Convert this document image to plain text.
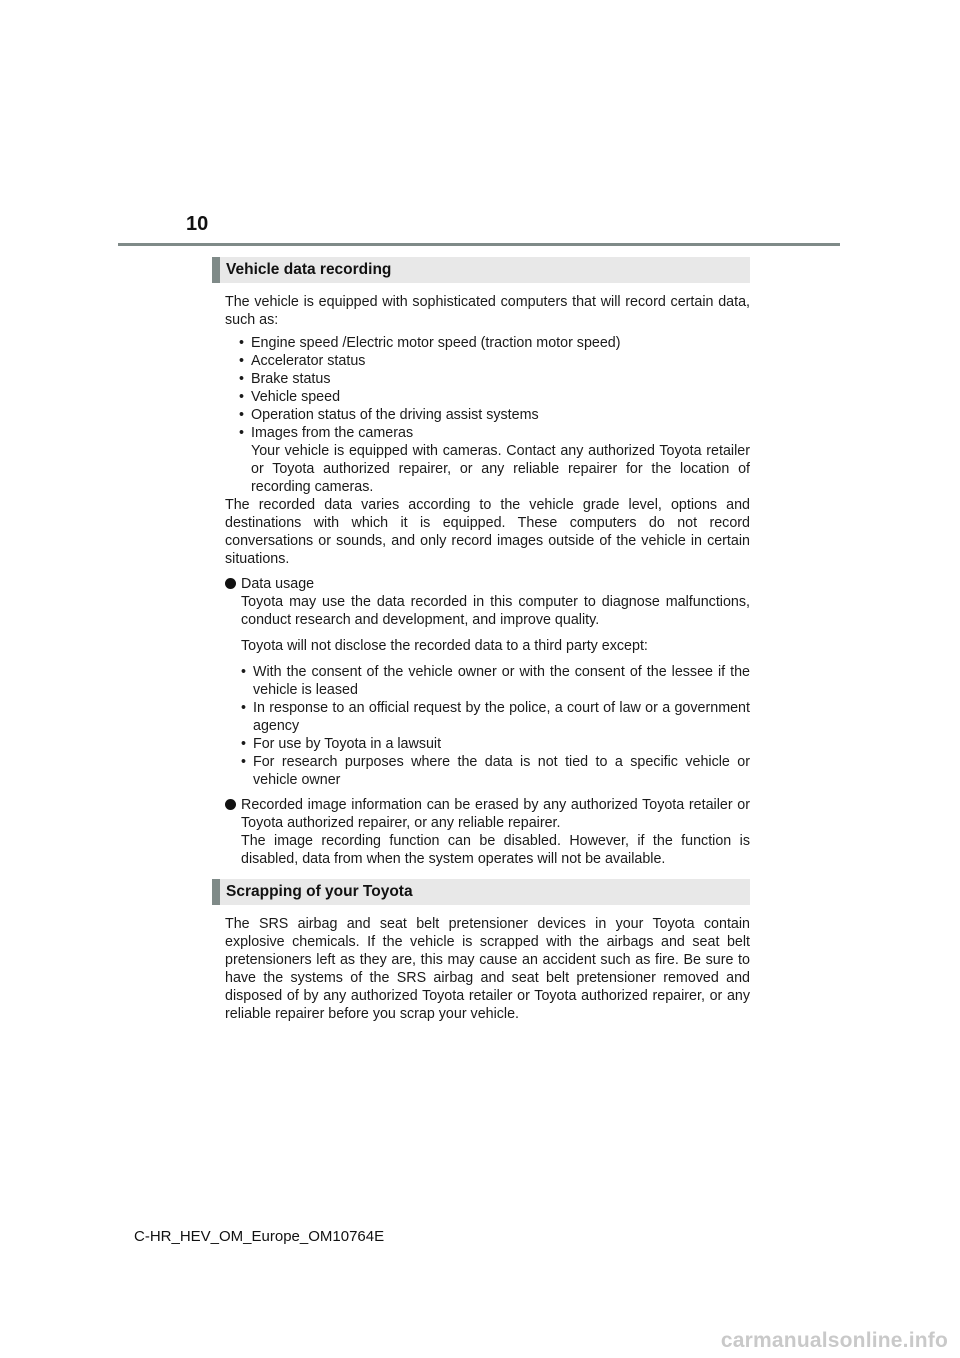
10
Vehicle data recording

The vehicle is equipped with sophisticated computers that will record certain data, such as:

• Engine speed /Electric motor speed (traction motor speed)
• Accelerator status
• Brake status
• Vehicle speed
• Operation status of the driving assist systems
• Images from the cameras
Your vehicle is equipped with cameras. Contact any authorized Toyota retailer or Toyota authorized repairer, or any reliable repairer for the location of recording cameras.

The recorded data varies according to the vehicle grade level, options and destinations with which it is equipped. These computers do not record conversations or sounds, and only record images outside of the vehicle in certain situations.

Data usage

Toyota may use the data recorded in this computer to diagnose malfunctions, conduct research and development, and improve quality.

Toyota will not disclose the recorded data to a third party except:

• With the consent of the vehicle owner or with the consent of the lessee if the vehicle is leased
• In response to an official request by the police, a court of law or a government agency
• For use by Toyota in a lawsuit
• For research purposes where the data is not tied to a specific vehicle or vehicle owner

Recorded image information can be erased by any authorized Toyota retailer or Toyota authorized repairer, or any reliable repairer.

The image recording function can be disabled. However, if the function is disabled, data from when the system operates will not be available.

Scrapping of your Toyota

The SRS airbag and seat belt pretensioner devices in your Toyota contain explosive chemicals. If the vehicle is scrapped with the airbags and seat belt pretensioners left as they are, this may cause an accident such as fire. Be sure to have the systems of the SRS airbag and seat belt pretensioner removed and disposed of by any authorized Toyota retailer or Toyota authorized repairer, or any reliable repairer before you scrap your vehicle.

C-HR_HEV_OM_Europe_OM10764E
carmanualsonline.info
